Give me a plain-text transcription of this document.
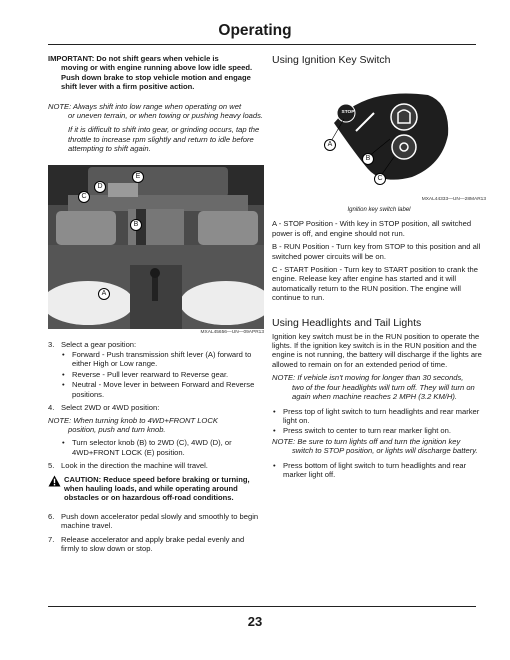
Operating
IMPORTANT: Do not shift gears when vehicle is
moving or with engine running above low idle speed. Push down brake to stop vehicle motion and engage shift lever with a firm positive action.
NOTE: Always shift into low range when operating on wet
or uneven terrain, or when towing or pushing heavy loads.
If it is difficult to shift into gear, or grinding occurs, tap the throttle to increase rpm slightly and return to idle before attempting to shift again.
D
E
C
B
A
MXAL45656—UN—09APR13
3. Select a gear position:
• Forward - Push transmission shift lever (A) forward to either High or Low range.
• Reverse - Pull lever rearward to Reverse gear.
• Neutral - Move lever in between Forward and Reverse positions.
4. Select 2WD or 4WD position:
NOTE: When turning knob to 4WD+FRONT LOCK
position, push and turn knob.
• Turn selector knob (B) to 2WD (C), 4WD (D), or 4WD+FRONT LOCK (E) position.
5. Look in the direction the machine will travel.
CAUTION: Reduce speed before braking or turning, when hauling loads, and while operating around obstacles or on hazardous off-road conditions.
6. Push down accelerator pedal slowly and smoothly to begin machine travel.
7. Release accelerator and apply brake pedal evenly and firmly to slow down or stop.
Using Ignition Key Switch
STOP
A
B
C
MXAL44333—UN—28MAR13
Ignition key switch label
A - STOP Position - With key in STOP position, all switched power is off, and engine should not run.
B - RUN Position - Turn key from STOP to this position and all switched power circuits will be on.
C - START Position - Turn key to START position to crank the engine. Release key after engine has started and it will automatically return to the RUN position. The engine will continue to run.
Using Headlights and Tail Lights
Ignition key switch must be in the RUN position to operate the lights. If the ignition key switch is in the RUN position and the engine is not running, the battery will discharge if the lights are allowed to remain on for an extended period of time.
NOTE: If vehicle isn't moving for longer than 30 seconds,
two of the four headlights will turn off. They will turn on again when machine reaches 2 MPH (3.2 KM/H).
• Press top of light switch to turn headlights and rear marker light on.
• Press switch to center to turn rear marker light on.
NOTE: Be sure to turn lights off and turn the ignition key
switch to STOP position, or lights will discharge battery.
• Press bottom of light switch to turn headlights and rear marker light off.
23
